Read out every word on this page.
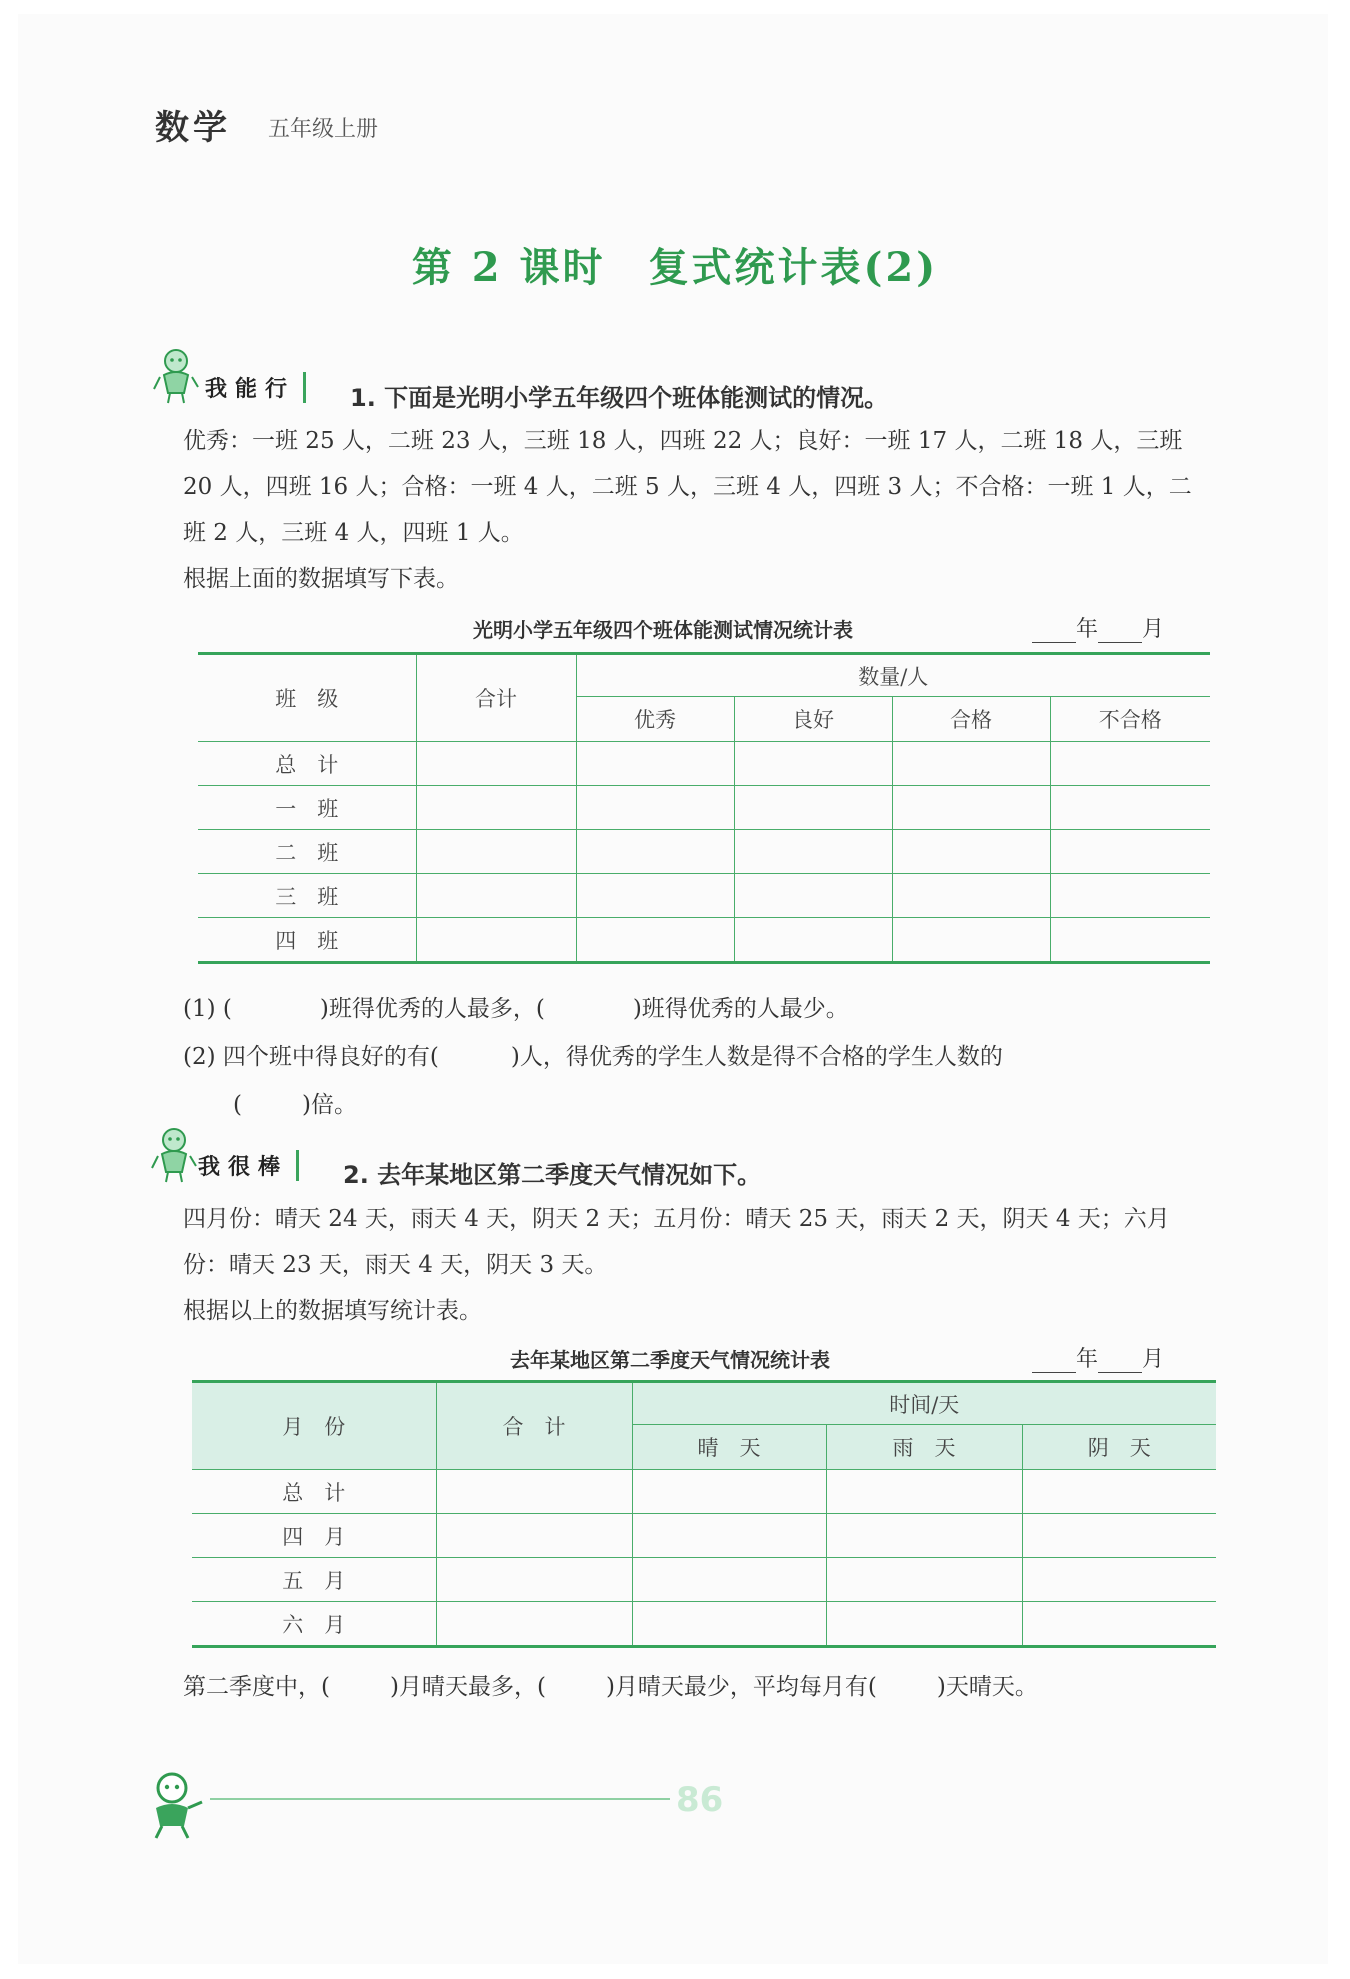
数学 五年级上册
第 2 课时　复式统计表(2)
我能行	1. 下面是光明小学五年级四个班体能测试的情况。
优秀：一班 25 人，二班 23 人，三班 18 人，四班 22 人；良好：一班 17 人，二班 18 人，三班
20 人，四班 16 人；合格：一班 4 人，二班 5 人，三班 4 人，四班 3 人；不合格：一班 1 人，二
班 2 人，三班 4 人，四班 1 人。
根据上面的数据填写下表。
光明小学五年级四个班体能测试情况统计表	年 月
班　级	合计	数量/人			
		优秀	良好	合格	不合格
总　计					
一　班					
二　班					
三　班					
四　班					
(1) (	)班得优秀的人最多，(	)班得优秀的人最少。
(2) 四个班中得良好的有(	)人，得优秀的学生人数是得不合格的学生人数的
(	)倍。
我很棒	2. 去年某地区第二季度天气情况如下。
四月份：晴天 24 天，雨天 4 天，阴天 2 天；五月份：晴天 25 天，雨天 2 天，阴天 4 天；六月
份：晴天 23 天，雨天 4 天，阴天 3 天。
根据以上的数据填写统计表。
去年某地区第二季度天气情况统计表	年 月
月　份	合　计	时间/天		
		晴　天	雨　天	阴　天
总　计				
四　月				
五　月				
六　月				
第二季度中，(	)月晴天最多，(	)月晴天最少，平均每月有(	)天晴天。
86
